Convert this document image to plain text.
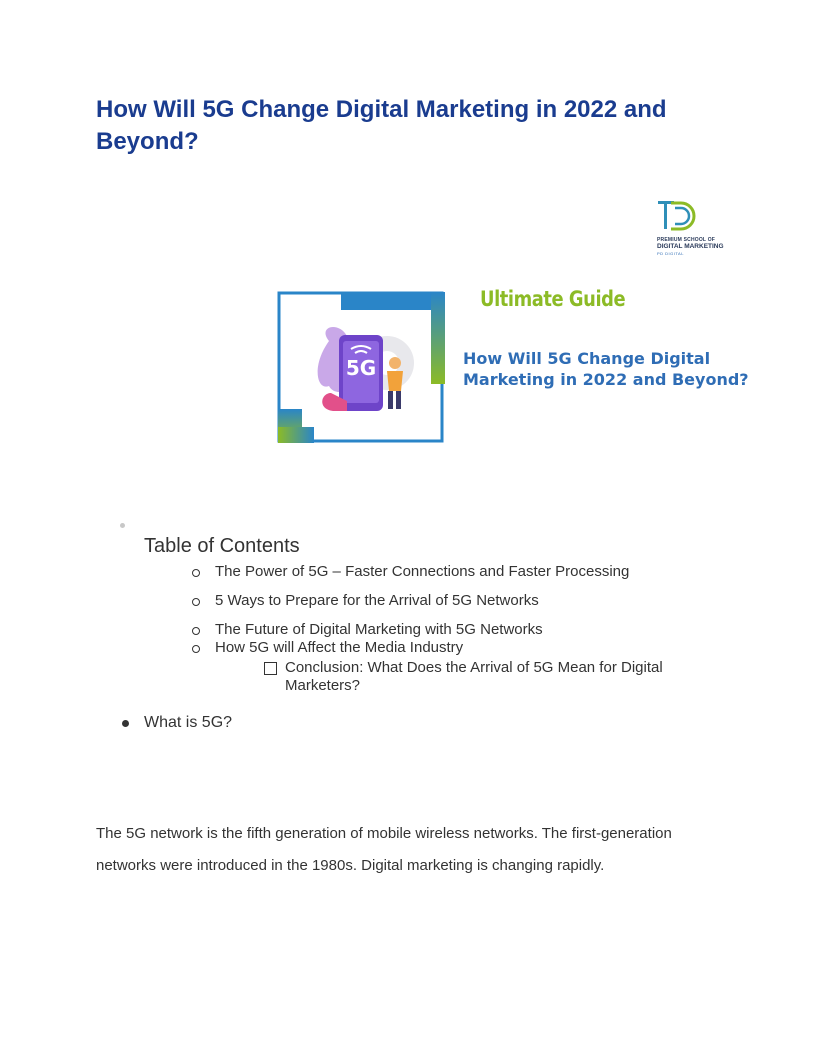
How Will 5G Change Digital Marketing in 2022 and Beyond?
PREMIUM SCHOOL OF
DIGITAL MARKETING
PD DIGITAL
5G
Ultimate Guide

How Will 5G Change Digital Marketing in 2022 and Beyond?

Table of Contents
The Power of 5G – Faster Connections and Faster Processing
5 Ways to Prepare for the Arrival of 5G Networks
The Future of Digital Marketing with 5G Networks
How 5G will Affect the Media Industry
Conclusion: What Does the Arrival of 5G Mean for Digital Marketers?
What is 5G?

The 5G network is the fifth generation of mobile wireless networks. The first-generation networks were introduced in the 1980s. Digital marketing is changing rapidly.
